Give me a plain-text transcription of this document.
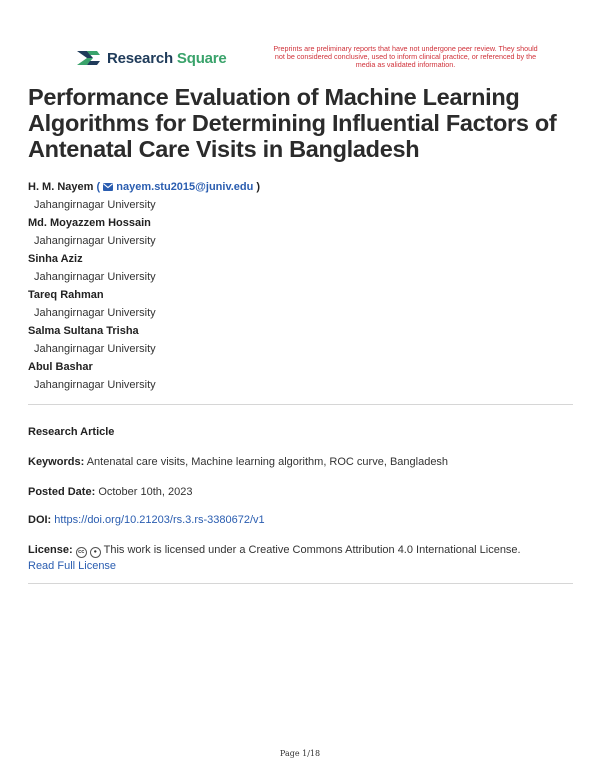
Research Square
Preprints are preliminary reports that have not undergone peer review. They should not be considered conclusive, used to inform clinical practice, or referenced by the media as validated information.
Performance Evaluation of Machine Learning Algorithms for Determining Influential Factors of Antenatal Care Visits in Bangladesh
H. M. Nayem (  nayem.stu2015@juniv.edu )
Jahangirnagar University
Md. Moyazzem Hossain
Jahangirnagar University
Sinha Aziz
Jahangirnagar University
Tareq Rahman
Jahangirnagar University
Salma Sultana Trisha
Jahangirnagar University
Abul Bashar
Jahangirnagar University
Research Article
Keywords: Antenatal care visits, Machine learning algorithm, ROC curve, Bangladesh
Posted Date: October 10th, 2023
DOI: https://doi.org/10.21203/rs.3.rs-3380672/v1
License: cc ● This work is licensed under a Creative Commons Attribution 4.0 International License.
Read Full License
Page 1/18
